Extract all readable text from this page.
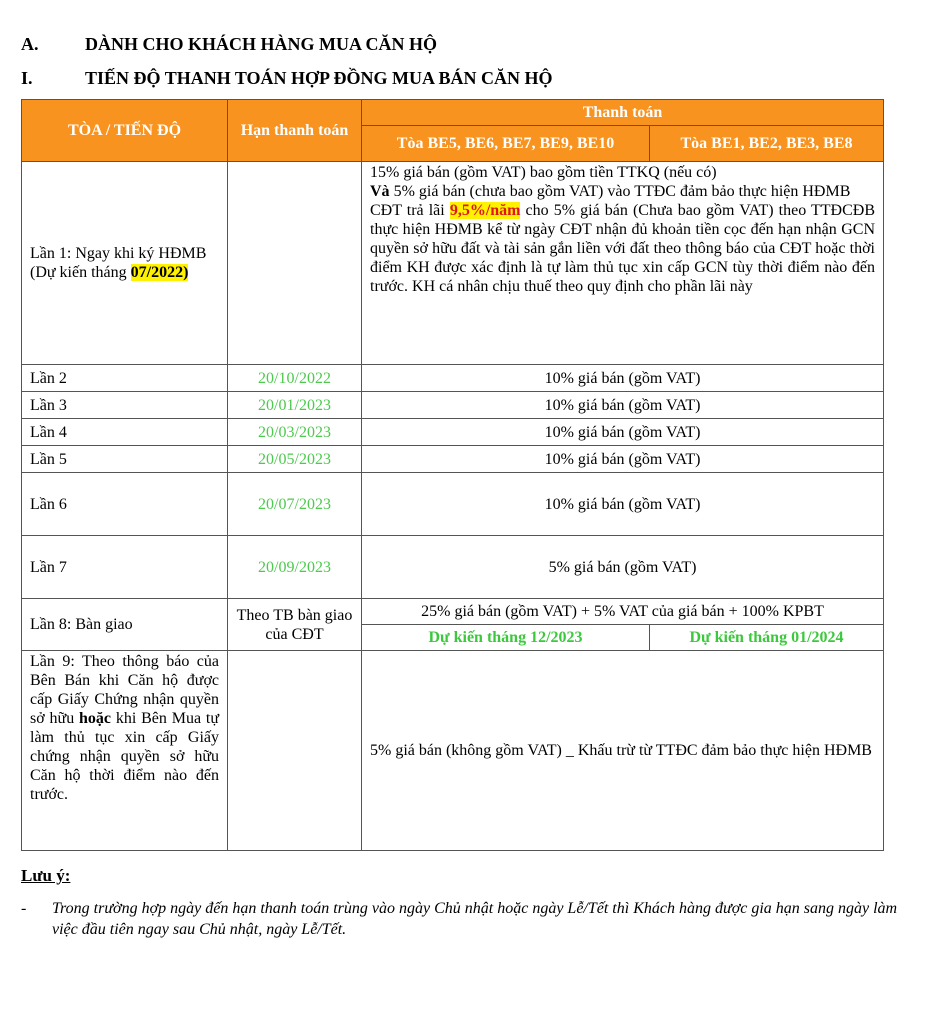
A.	DÀNH CHO KHÁCH HÀNG MUA CĂN HỘ
I.	TIẾN ĐỘ THANH TOÁN HỢP ĐỒNG MUA BÁN CĂN HỘ
TÒA / TIẾN ĐỘ	Hạn thanh toán	Thanh toán	
		Tòa BE5, BE6, BE7, BE9, BE10	Tòa BE1, BE2, BE3, BE8
Lần 1: Ngay khi ký HĐMB (Dự kiến tháng 07/2022)		15% giá bán (gồm VAT) bao gồm tiền TTKQ (nếu có)
Và 5% giá bán (chưa bao gồm VAT) vào TTĐC đảm bảo thực hiện HĐMB
CĐT trả lãi 9,5%/năm cho 5% giá bán (Chưa bao gồm VAT) theo TTĐCĐB thực hiện HĐMB kể từ ngày CĐT nhận đủ khoản tiền cọc đến hạn nhận GCN quyền sở hữu đất và tài sản gắn liền với đất theo thông báo của CĐT hoặc thời điểm KH được xác định là tự làm thủ tục xin cấp GCN tùy thời điểm nào đến trước. KH cá nhân chịu thuế theo quy định cho phần lãi này	

Lần 2	20/10/2022	10% giá bán (gồm VAT)	
Lần 3	20/01/2023	10% giá bán (gồm VAT)	
Lần 4	20/03/2023	10% giá bán (gồm VAT)	
Lần 5	20/05/2023	10% giá bán (gồm VAT)	
Lần 6	20/07/2023	10% giá bán (gồm VAT)	
Lần 7	20/09/2023	5% giá bán (gồm VAT)	
Lần 8: Bàn giao	Theo TB bàn giao của CĐT	25% giá bán (gồm VAT) + 5% VAT của giá bán + 100% KPBT	
		Dự kiến tháng 12/2023	Dự kiến tháng 01/2024
Lần 9: Theo thông báo của Bên Bán khi Căn hộ được cấp Giấy Chứng nhận quyền sở hữu hoặc khi Bên Mua tự làm thủ tục xin cấp Giấy chứng nhận quyền sở hữu Căn hộ thời điểm nào đến trước.		5% giá bán (không gồm VAT) _ Khấu trừ từ TTĐC đảm bảo thực hiện HĐMB	
Lưu ý:
- Trong trường hợp ngày đến hạn thanh toán trùng vào ngày Chủ nhật hoặc ngày Lễ/Tết thì Khách hàng được gia hạn sang ngày làm việc đầu tiên ngay sau Chủ nhật, ngày Lễ/Tết.
